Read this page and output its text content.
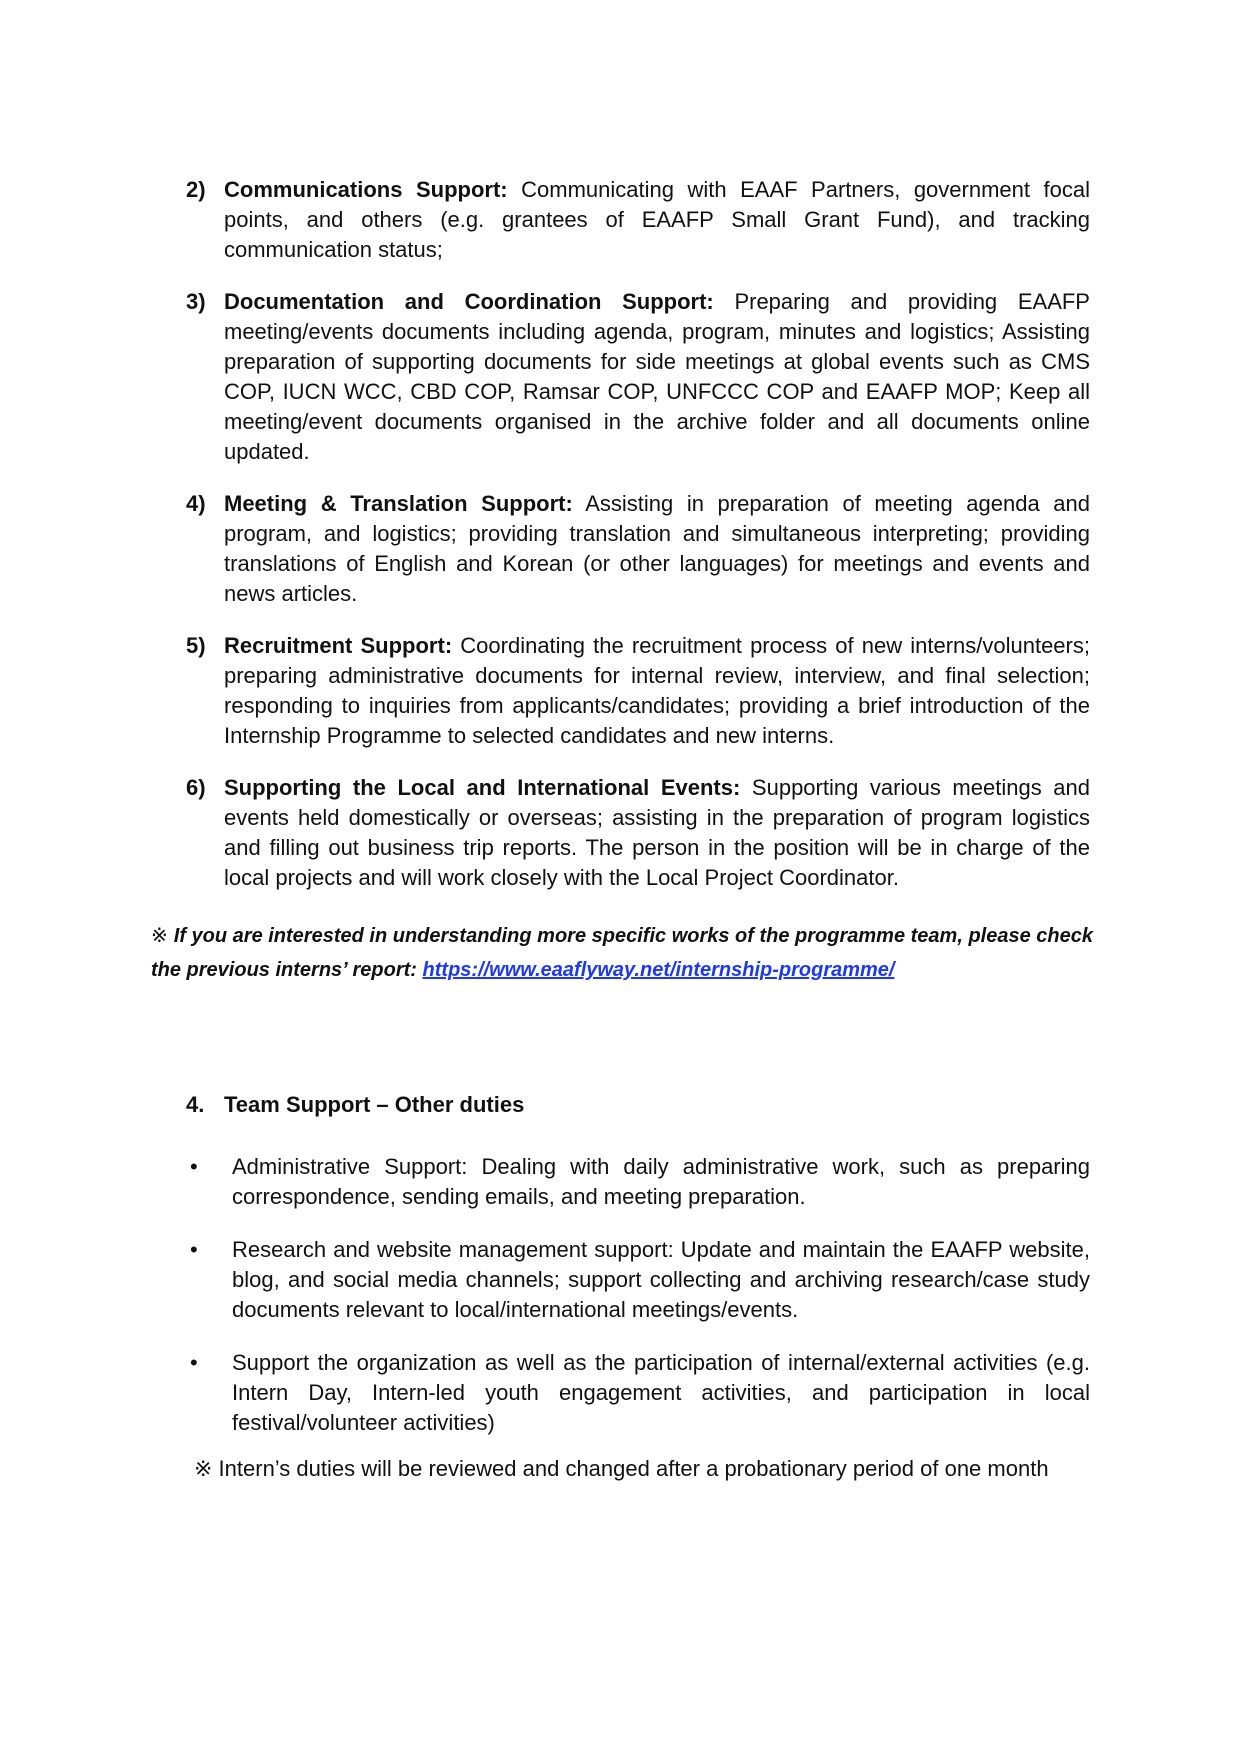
2) Communications Support: Communicating with EAAF Partners, government focal points, and others (e.g. grantees of EAAFP Small Grant Fund), and tracking communication status;
3) Documentation and Coordination Support: Preparing and providing EAAFP meeting/events documents including agenda, program, minutes and logistics; Assisting preparation of supporting documents for side meetings at global events such as CMS COP, IUCN WCC, CBD COP, Ramsar COP, UNFCCC COP and EAAFP MOP; Keep all meeting/event documents organised in the archive folder and all documents online updated.
4) Meeting & Translation Support: Assisting in preparation of meeting agenda and program, and logistics; providing translation and simultaneous interpreting; providing translations of English and Korean (or other languages) for meetings and events and news articles.
5) Recruitment Support: Coordinating the recruitment process of new interns/volunteers; preparing administrative documents for internal review, interview, and final selection; responding to inquiries from applicants/candidates; providing a brief introduction of the Internship Programme to selected candidates and new interns.
6) Supporting the Local and International Events: Supporting various meetings and events held domestically or overseas; assisting in the preparation of program logistics and filling out business trip reports. The person in the position will be in charge of the local projects and will work closely with the Local Project Coordinator.
※ If you are interested in understanding more specific works of the programme team, please check the previous interns’ report: https://www.eaaflyway.net/internship-programme/
4. Team Support – Other duties
•	Administrative Support: Dealing with daily administrative work, such as preparing correspondence, sending emails, and meeting preparation.
•	Research and website management support: Update and maintain the EAAFP website, blog, and social media channels; support collecting and archiving research/case study documents relevant to local/international meetings/events.
•	Support the organization as well as the participation of internal/external activities (e.g. Intern Day, Intern-led youth engagement activities, and participation in local festival/volunteer activities)
※ Intern’s duties will be reviewed and changed after a probationary period of one month
